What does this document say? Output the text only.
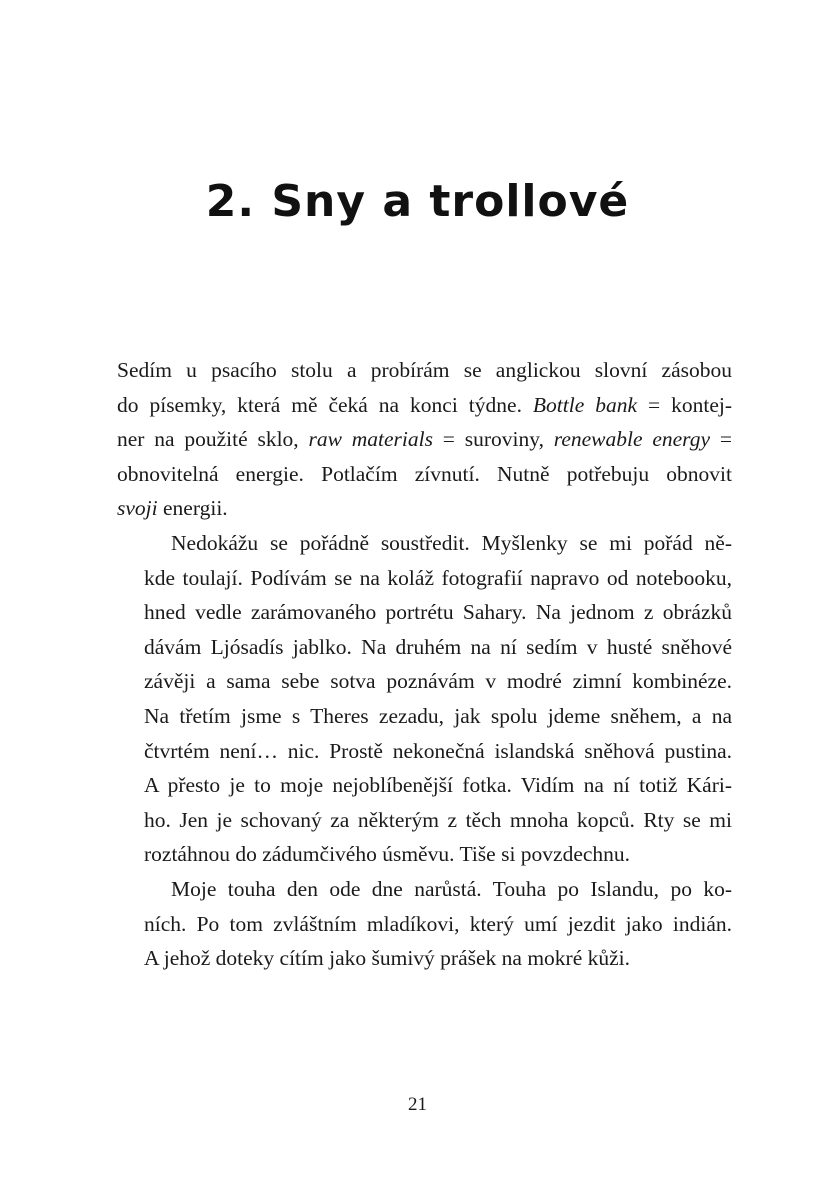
2. Sny a trollové

Sedím u psacího stolu a probírám se anglickou slovní zásobou
do písemky, která mě čeká na konci týdne. Bottle bank = kontej-
ner na použité sklo, raw materials = suroviny, renewable energy =
obnovitelná energie. Potlačím zívnutí. Nutně potřebuju obnovit
svoji energii.

Nedokážu se pořádně soustředit. Myšlenky se mi pořád ně-
kde toulají. Podívám se na koláž fotografií napravo od notebooku,
hned vedle zarámovaného portrétu Sahary. Na jednom z obrázků
dávám Ljósadís jablko. Na druhém na ní sedím v husté sněhové
závěji a sama sebe sotva poznávám v modré zimní kombinéze.
Na třetím jsme s Theres zezadu, jak spolu jdeme sněhem, a na
čtvrtém není… nic. Prostě nekonečná islandská sněhová pustina.
A přesto je to moje nejoblíbenější fotka. Vidím na ní totiž Kári-
ho. Jen je schovaný za některým z těch mnoha kopců. Rty se mi
roztáhnou do zádumčivého úsměvu. Tiše si povzdechnu.

Moje touha den ode dne narůstá. Touha po Islandu, po ko-
ních. Po tom zvláštním mladíkovi, který umí jezdit jako indián.
A jehož doteky cítím jako šumivý prášek na mokré kůži.

21
